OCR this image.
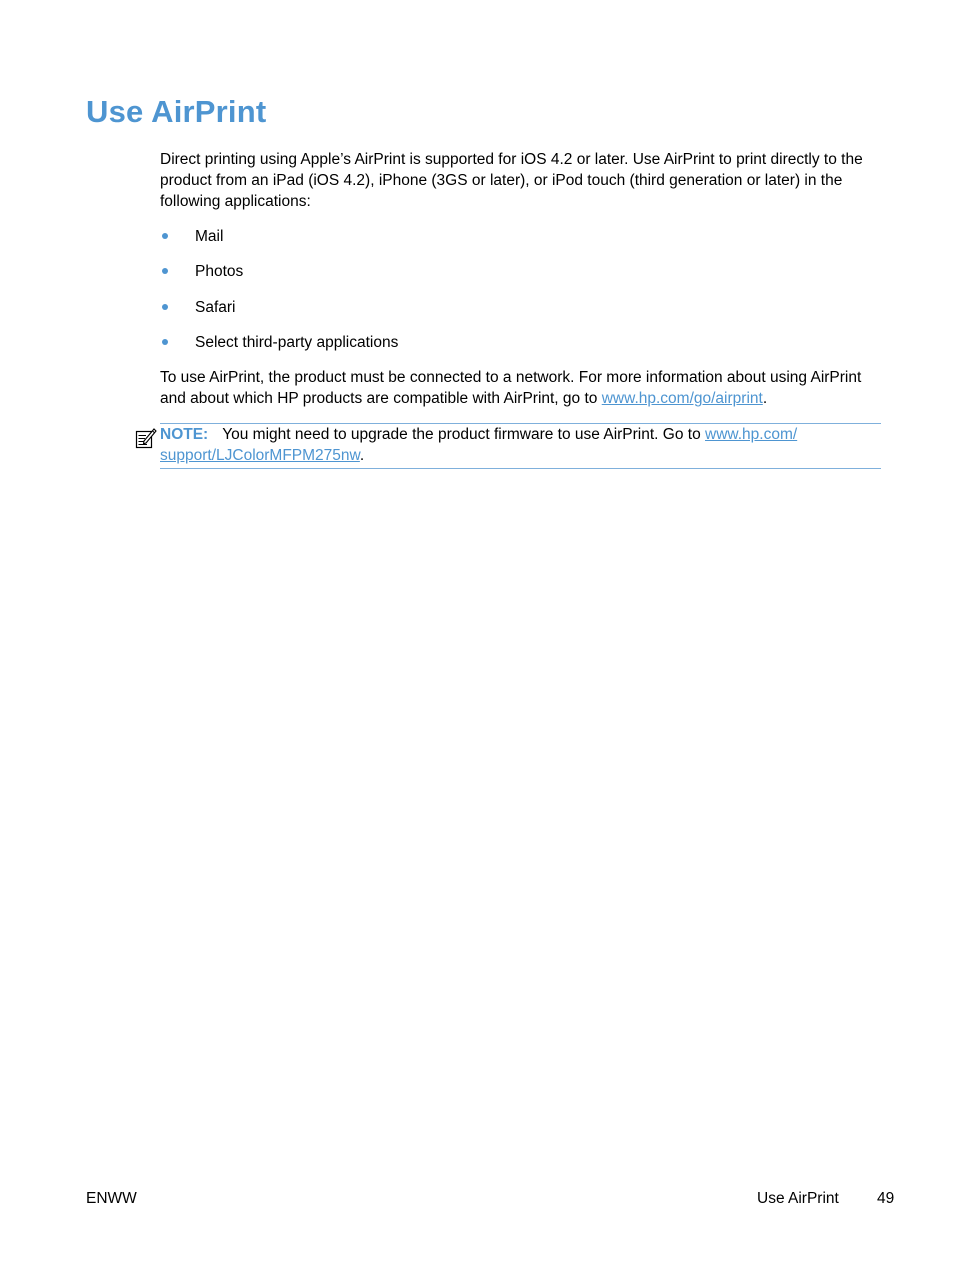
Use AirPrint

Direct printing using Apple’s AirPrint is supported for iOS 4.2 or later. Use AirPrint to print directly to the product from an iPad (iOS 4.2), iPhone (3GS or later), or iPod touch (third generation or later) in the following applications:

Mail
Photos
Safari
Select third-party applications

To use AirPrint, the product must be connected to a network. For more information about using AirPrint and about which HP products are compatible with AirPrint, go to www.hp.com/go/airprint.

NOTE: You might need to upgrade the product firmware to use AirPrint. Go to www.hp.com/
support/LJColorMFPM275nw.
ENWW	Use AirPrint 49
